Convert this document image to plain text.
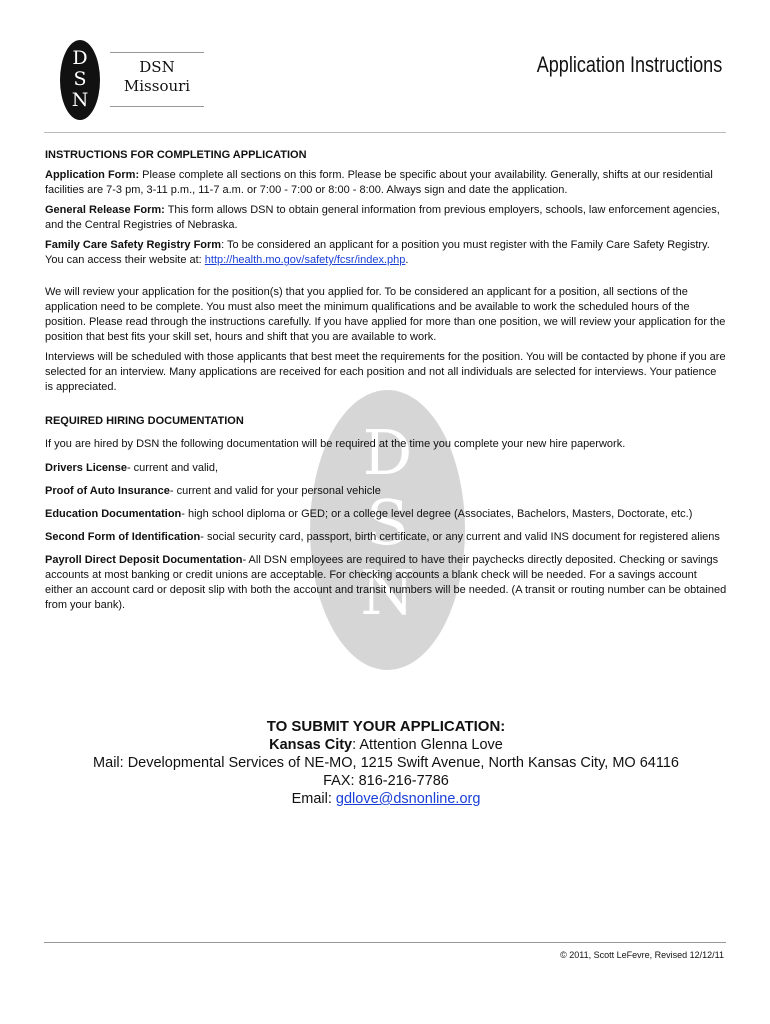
D
S
N
D
S
N
DSN
Missouri
Application Instructions

INSTRUCTIONS FOR COMPLETING APPLICATION

Application Form: Please complete all sections on this form. Please be specific about your availability. Generally, shifts at our residential facilities are 7-3 pm, 3-11 p.m., 11-7 a.m. or 7:00 - 7:00 or 8:00 - 8:00. Always sign and date the application.

General Release Form: This form allows DSN to obtain general information from previous employers, schools, law enforcement agencies, and the Central Registries of Nebraska.

Family Care Safety Registry Form: To be considered an applicant for a position you must register with the Family Care Safety Registry. You can access their website at: http://health.mo.gov/safety/fcsr/index.php.

We will review your application for the position(s) that you applied for. To be considered an applicant for a position, all sections of the application need to be complete. You must also meet the minimum qualifications and be available to work the scheduled hours of the position. Please read through the instructions carefully. If you have applied for more than one position, we will review your application for the position that best fits your skill set, hours and shift that you are available to work.

Interviews will be scheduled with those applicants that best meet the requirements for the position. You will be contacted by phone if you are selected for an interview. Many applications are received for each position and not all individuals are selected for interviews. Your patience is appreciated.

REQUIRED HIRING DOCUMENTATION

If you are hired by DSN the following documentation will be required at the time you complete your new hire paperwork.

Drivers License- current and valid,

Proof of Auto Insurance- current and valid for your personal vehicle

Education Documentation- high school diploma or GED; or a college level degree (Associates, Bachelors, Masters, Doctorate, etc.)

Second Form of Identification- social security card, passport, birth certificate, or any current and valid INS document for registered aliens

Payroll Direct Deposit Documentation- All DSN employees are required to have their paychecks directly deposited. Checking or savings accounts at most banking or credit unions are acceptable. For checking accounts a blank check will be needed. For a savings account either an account card or deposit slip with both the account and transit numbers will be needed. (A transit or routing number can be obtained from your bank).

TO SUBMIT YOUR APPLICATION:
Kansas City: Attention Glenna Love
Mail: Developmental Services of NE-MO, 1215 Swift Avenue, North Kansas City, MO 64116
FAX: 816-216-7786
Email: gdlove@dsnonline.org
© 2011, Scott LeFevre, Revised 12/12/11
